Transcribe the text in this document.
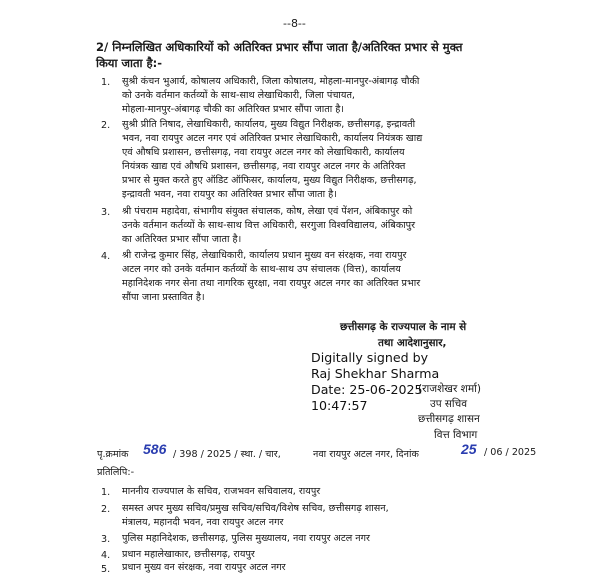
--8--
2/ निम्नलिखित अधिकारियों को अतिरिक्त प्रभार सौंपा जाता है/अतिरिक्त प्रभार से मुक्त
किया जाता है:-
1. सुश्री कंचन भुआर्य, कोषालय अधिकारी, जिला कोषालय, मोहला-मानपुर-अंबागढ़ चौकी
को उनके वर्तमान कर्तव्यों के साथ-साथ लेखाधिकारी, जिला पंचायत,
मोहला-मानपुर-अंबागढ़ चौकी का अतिरिक्त प्रभार सौंपा जाता है।
2. सुश्री प्रीति निषाद, लेखाधिकारी, कार्यालय, मुख्य विद्युत निरीक्षक, छत्तीसगढ़, इन्द्रावती
भवन, नवा रायपुर अटल नगर एवं अतिरिक्त प्रभार लेखाधिकारी, कार्यालय नियंत्रक खाद्य
एवं औषधि प्रशासन, छत्तीसगढ़, नवा रायपुर अटल नगर को लेखाधिकारी, कार्यालय
नियंत्रक खाद्य एवं औषधि प्रशासन, छत्तीसगढ़, नवा रायपुर अटल नगर के अतिरिक्त
प्रभार से मुक्त करते हुए ऑडिट ऑफिसर, कार्यालय, मुख्य विद्युत निरीक्षक, छत्तीसगढ़,
इन्द्रावती भवन, नवा रायपुर का अतिरिक्त प्रभार सौंपा जाता है।
3. श्री पंचराम महादेवा, संभागीय संयुक्त संचालक, कोष, लेखा एवं पेंशन, अंबिकापुर को
उनके वर्तमान कर्तव्यों के साथ-साथ वित्त अधिकारी, सरगुजा विश्वविद्यालय, अंबिकापुर
का अतिरिक्त प्रभार सौंपा जाता है।
4. श्री राजेन्द्र कुमार सिंह, लेखाधिकारी, कार्यालय प्रधान मुख्य वन संरक्षक, नवा रायपुर
अटल नगर को उनके वर्तमान कर्तव्यों के साथ-साथ उप संचालक (वित्त), कार्यालय
महानिदेशक नगर सेना तथा नागरिक सुरक्षा, नवा रायपुर अटल नगर का अतिरिक्त प्रभार
सौंपा जाना प्रस्तावित है।
छत्तीसगढ़ के राज्यपाल के नाम से
तथा आदेशानुसार,
Digitally signed by
Raj Shekhar Sharma
Date: 25-06-2025
10:47:57
(राजशेखर शर्मा)
उप सचिव
छत्तीसगढ़ शासन
वित्त विभाग
पृ.क्रमांक 586 / 398 / 2025 / स्था. / चार,	नवा रायपुर अटल नगर, दिनांक	25 / 06 / 2025
प्रतिलिपि:-
1. माननीय राज्यपाल के सचिव, राजभवन सचिवालय, रायपुर
2. समस्त अपर मुख्य सचिव/प्रमुख सचिव/सचिव/विशेष सचिव, छत्तीसगढ़ शासन,
मंत्रालय, महानदी भवन, नवा रायपुर अटल नगर
3. पुलिस महानिदेशक, छत्तीसगढ़, पुलिस मुख्यालय, नवा रायपुर अटल नगर
4. प्रधान महालेखाकार, छत्तीसगढ़, रायपुर
5. प्रधान मुख्य वन संरक्षक, नवा रायपुर अटल नगर
